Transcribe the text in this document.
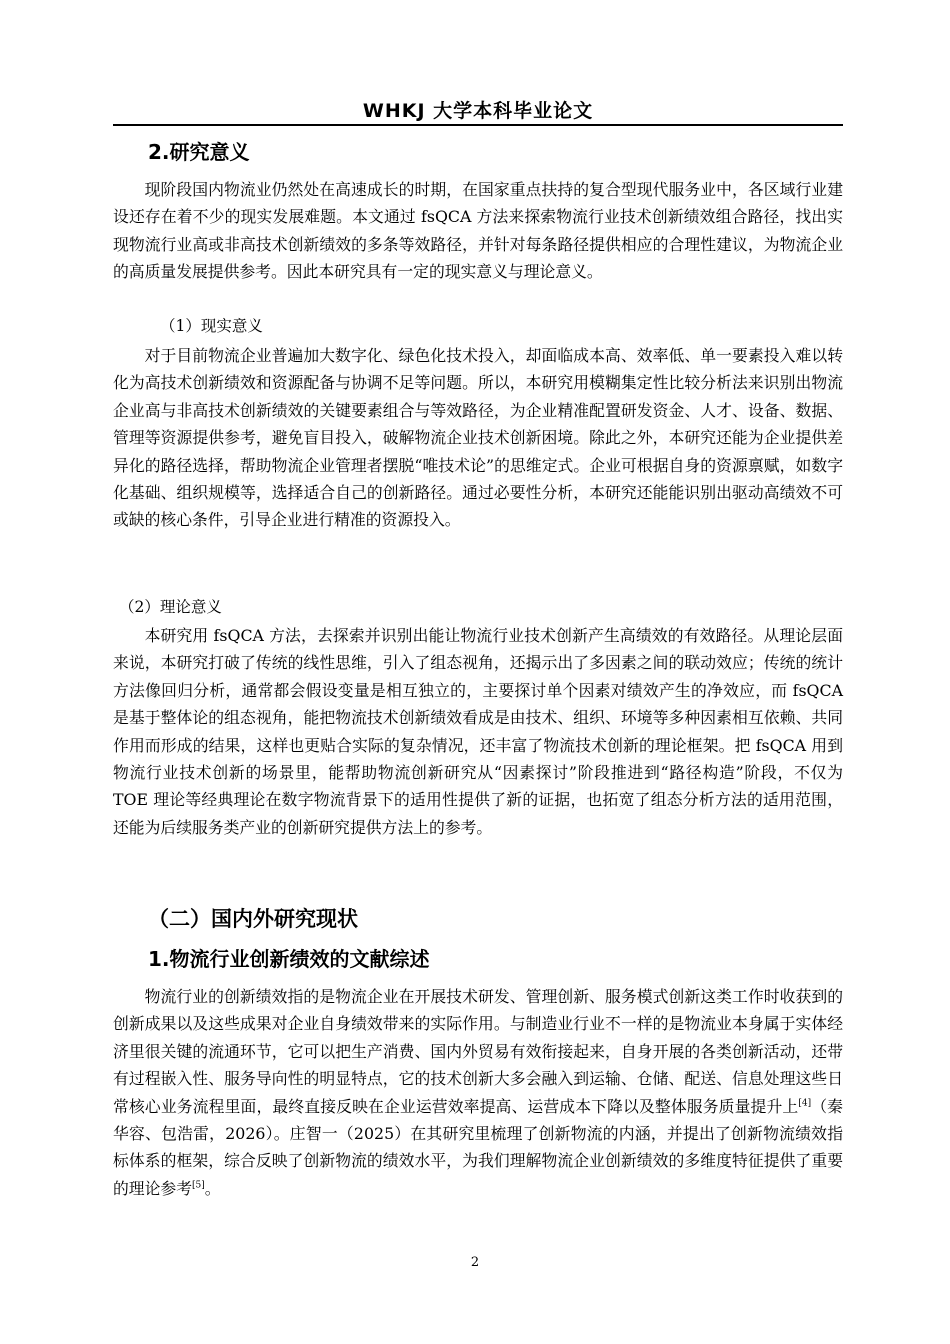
WHKJ 大学本科毕业论文
2.研究意义
现阶段国内物流业仍然处在高速成长的时期，在国家重点扶持的复合型现代服务业中，各区域行业建设还存在着不少的现实发展难题。本文通过 fsQCA 方法来探索物流行业技术创新绩效组合路径，找出实现物流行业高或非高技术创新绩效的多条等效路径，并针对每条路径提供相应的合理性建议，为物流企业的高质量发展提供参考。因此本研究具有一定的现实意义与理论意义。
（1）现实意义
对于目前物流企业普遍加大数字化、绿色化技术投入，却面临成本高、效率低、单一要素投入难以转化为高技术创新绩效和资源配备与协调不足等问题。所以，本研究用模糊集定性比较分析法来识别出物流企业高与非高技术创新绩效的关键要素组合与等效路径，为企业精准配置研发资金、人才、设备、数据、管理等资源提供参考，避免盲目投入，破解物流企业技术创新困境。除此之外，本研究还能为企业提供差异化的路径选择，帮助物流企业管理者摆脱“唯技术论”的思维定式。企业可根据自身的资源禀赋，如数字化基础、组织规模等，选择适合自己的创新路径。通过必要性分析，本研究还能能识别出驱动高绩效不可或缺的核心条件，引导企业进行精准的资源投入。
（2）理论意义
本研究用 fsQCA 方法，去探索并识别出能让物流行业技术创新产生高绩效的有效路径。从理论层面来说，本研究打破了传统的线性思维，引入了组态视角，还揭示出了多因素之间的联动效应；传统的统计方法像回归分析，通常都会假设变量是相互独立的，主要探讨单个因素对绩效产生的净效应，而 fsQCA 是基于整体论的组态视角，能把物流技术创新绩效看成是由技术、组织、环境等多种因素相互依赖、共同作用而形成的结果，这样也更贴合实际的复杂情况，还丰富了物流技术创新的理论框架。把 fsQCA 用到物流行业技术创新的场景里，能帮助物流创新研究从“因素探讨”阶段推进到“路径构造”阶段，不仅为 TOE 理论等经典理论在数字物流背景下的适用性提供了新的证据，也拓宽了组态分析方法的适用范围，还能为后续服务类产业的创新研究提供方法上的参考。
（二）国内外研究现状
1.物流行业创新绩效的文献综述
物流行业的创新绩效指的是物流企业在开展技术研发、管理创新、服务模式创新这类工作时收获到的创新成果以及这些成果对企业自身绩效带来的实际作用。与制造业行业不一样的是物流业本身属于实体经济里很关键的流通环节，它可以把生产消费、国内外贸易有效衔接起来，自身开展的各类创新活动，还带有过程嵌入性、服务导向性的明显特点，它的技术创新大多会融入到运输、仓储、配送、信息处理这些日常核心业务流程里面，最终直接反映在企业运营效率提高、运营成本下降以及整体服务质量提升上[4]（秦华容、包浩雷，2026）。庄智一（2025）在其研究里梳理了创新物流的内涵，并提出了创新物流绩效指标体系的框架，综合反映了创新物流的绩效水平，为我们理解物流企业创新绩效的多维度特征提供了重要的理论参考[5]。
2
